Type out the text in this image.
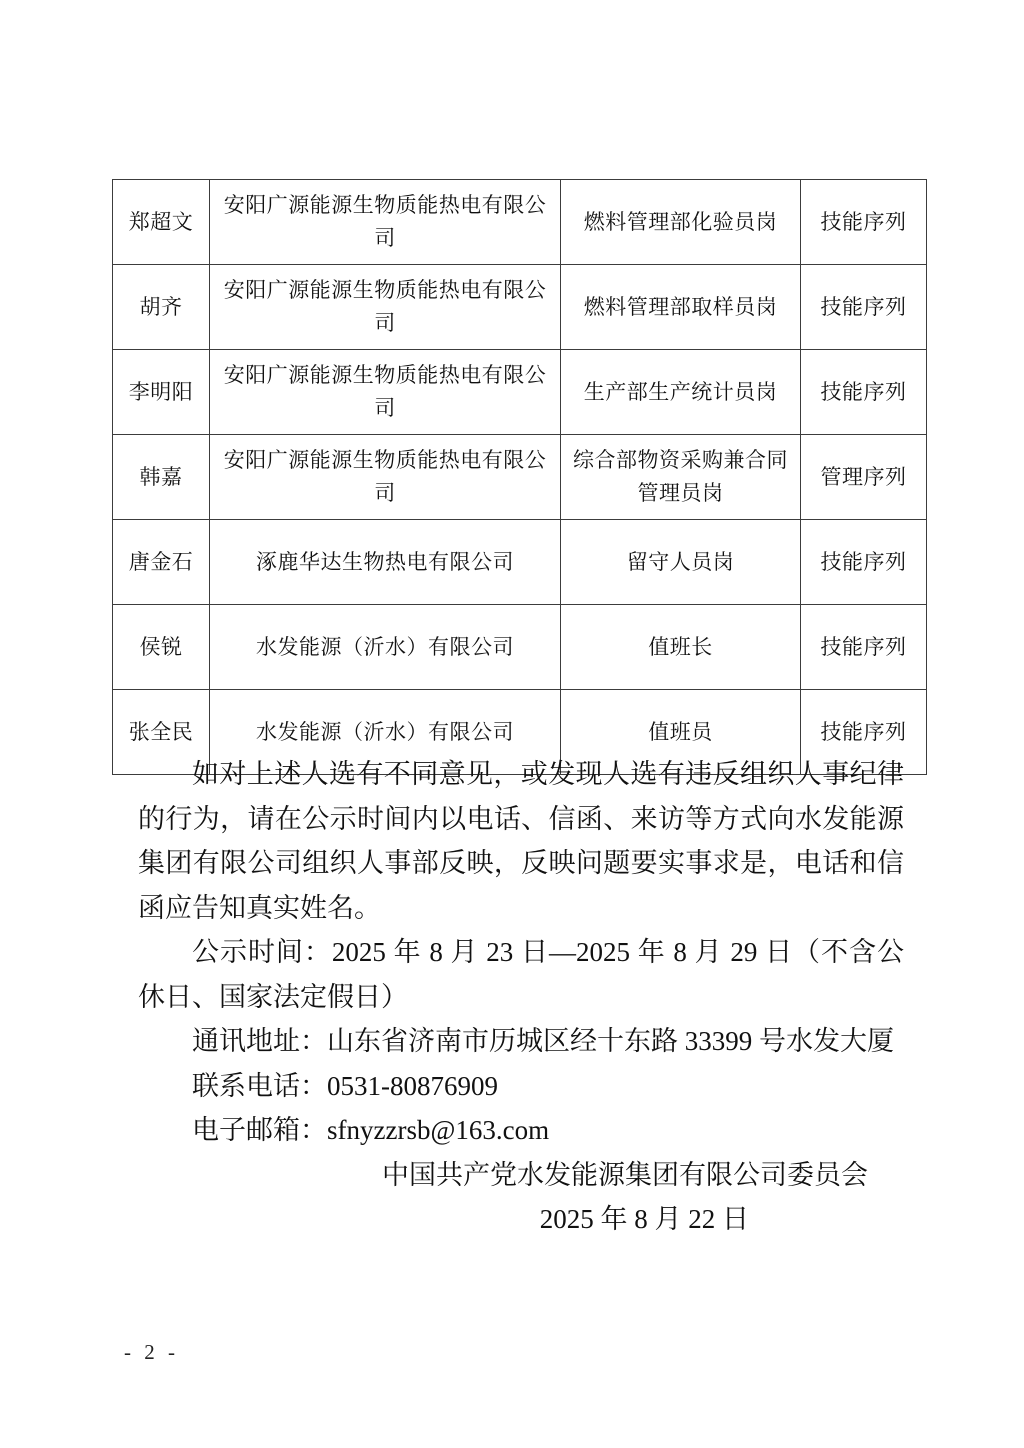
郑超文	安阳广源能源生物质能热电有限公司	燃料管理部化验员岗	技能序列
胡齐	安阳广源能源生物质能热电有限公司	燃料管理部取样员岗	技能序列
李明阳	安阳广源能源生物质能热电有限公司	生产部生产统计员岗	技能序列
韩嘉	安阳广源能源生物质能热电有限公司	综合部物资采购兼合同管理员岗	管理序列
唐金石	涿鹿华达生物热电有限公司	留守人员岗	技能序列
侯锐	水发能源（沂水）有限公司	值班长	技能序列
张全民	水发能源（沂水）有限公司	值班员	技能序列

如对上述人选有不同意见，或发现人选有违反组织人事纪律的行为，请在公示时间内以电话、信函、来访等方式向水发能源集团有限公司组织人事部反映，反映问题要实事求是，电话和信函应告知真实姓名。

公示时间：2025 年 8 月 23 日—2025 年 8 月 29 日（不含公休日、国家法定假日）

通讯地址：山东省济南市历城区经十东路 33399 号水发大厦

联系电话：0531-80876909

电子邮箱：sfnyzzrsb@163.com

中国共产党水发能源集团有限公司委员会

2025 年 8 月 22 日

- 2 -
